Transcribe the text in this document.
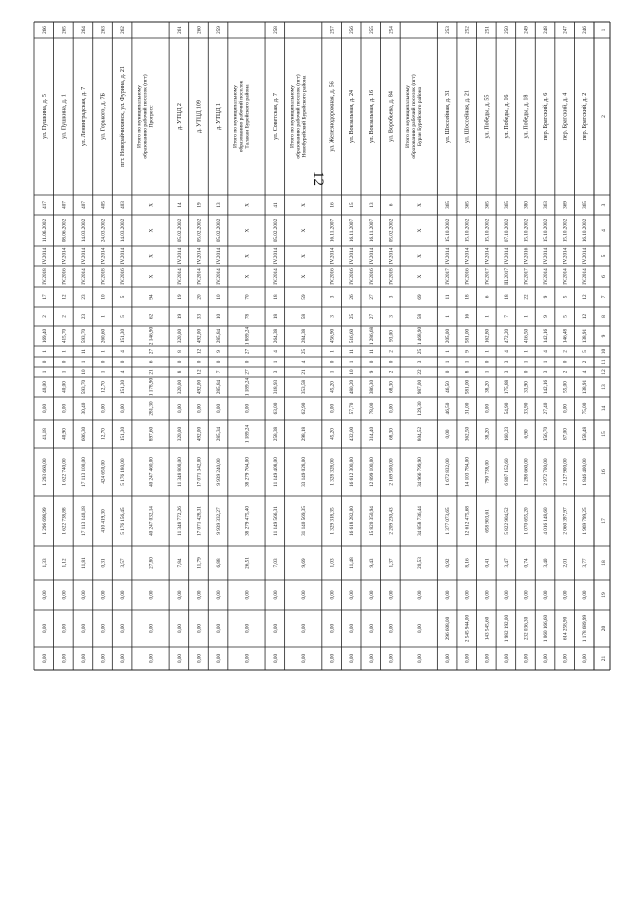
12
1
2
3
4
5
6
7
8
9
10
11
12
13
14
15
16
17
18
19
20
21
246
пер. Братский, д. 2
365
16.10.2002
IV.2014
IV.2014
12
12
138,91
5
2
4
138,91
75,00
158,48
1 846 400,00
1 969 799,25
3,77
0,00
1 178 689,99
0,00
247
пер. Братский, д. 4
369
15.10.2002
IV.2014
IV.2014
5
5
146,48
2
0
2
55,00
0,00
87,00
2 127 900,00
2 060 397,97
2,01
0,00
614 258,90
0,00
248
пер. Братский, д. 6
363
15.10.2002
IV.2014
IV.2014
9
9
142,16
4
1
3
142,16
27,40
156,70
2 972 700,00
4 016 148,60
3,40
0,00
1 060 166,60
0,00
249
ул. Победы, д. 18
380
15.10.2002
IV.2016
IV.2017
22
1
416,50
1
1
0
33,90
33,90
6,90
1 288 660,00
1 070 655,20
0,74
0,00
232 036,30
0,00
250
ул. Победы, д. 16
365
07.10.2002
IV.2014
III.2017
18
7
472,20
4
3
3
175,88
54,90
160,23
6 807 152,60
5 822 904,52
3,47
0,00
1 982 192,00
0,00
251
ул. Победы, д. 55
365
15.10.2002
IV.2014
IV.2017
6
1
162,80
1
0
1
38,20
0,00
38,20
790 738,00
658 903,61
0,41
0,00
143 545,60
0,00
252
ул. Шоссейная, д. 21
365
15.10.2002
IV.2014
IV.2016
18
16
581,00
9
1
8
581,00
31,00
362,50
14 103 784,00
12 612 475,68
8,16
0,00
2 545 944,00
0,00
253
ул. Шоссейная, д. 31
365
15.10.2002
IV.2014
IV.2017
11
1
205,00
1
1
0
46,50
46,50
0,00
1 672 832,00
1 377 073,65
0,92
0,00
296 608,00
0,00
Итого по муниципальному образованию рабочий поселок (пгт) Буран Бурейского района
X
X
X
X
69
58
1 468,90
25
3
22
987,00
129,30
804,52
34 966 799,90
34 858 736,44
20,53
0,00
0,00
0,00
254
ул. Воробьева, д. 84
6
05.02.2002
IV.2014
IV.2018
3
3
93,00
2
0
2
68,30
0,00
68,30
2 169 500,00
2 209 230,43
1,37
0,00
0,00
0,00
255
ул. Вокзальная, д. 16
13
16.11.2007
IV.2014
IV.2016
27
27
1 286,68
11
0
9
386,30
78,00
314,40
12 899 100,00
15 820 350,94
9,43
0,00
0,00
0,00
256
ул. Вокзальная, д. 24
15
16.11.2007
IV.2014
IV.2016
26
25
516,60
11
1
10
480,20
57,70
432,00
16 612 300,00
16 618 282,00
11,48
0,00
0,00
0,00
257
ул. Железнодорожная, д. 56
16
16.11.2007
IV.2014
IV.2016
3
3
456,90
1
0
1
45,20
0,00
45,20
1 328 328,00
1 329 318,35
1,03
0,00
0,00
0,00
Итого по муниципальному образованию рабочий поселок (пгт) Новобурейский Бурейского района
X
X
X
X
59
58
284,38
25
4
21
353,58
62,90
298,18
33 149 028,00
31 140 569,35
9,69
0,00
0,00
0,00
258
ул. Советская, д. 7
41
05.02.2002
IV.2014
IV.2014
18
18
264,38
4
1
3
318,93
63,00
258,38
11 149 408,00
11 149 566,31
7,03
0,00
0,00
0,00
Итого по муниципальному образованию рабочий поселок Талакан Бурейского района
X
X
X
X
70
78
1 889,24
27
0
27
1 189,24
0,00
1 189,24
38 279 764,00
38 279 475,40
26,51
0,00
0,00
0,00
259
д. УТЦД 1
13
05.02.2002
IV.2014
IV.2014
10
10
285,84
9
0
7
285,84
0,00
285,34
9 939 240,00
9 939 332,27
6,88
0,00
0,00
0,00
260
д. УТЦД 109
19
05.02.2002
IV.2014
IV.2014
20
33
492,00
12
0
12
492,00
0,00
492,00
17 071 342,00
17 071 428,31
11,79
0,00
0,00
0,00
261
д. УТЦД 2
14
05.02.2002
IV.2014
IV.2014
19
19
320,00
8
0
8
320,00
0,00
320,00
11 348 800,00
11 348 772,26
7,84
0,00
0,00
0,00
Итого по муниципальному образованию рабочий поселок (пгт) Прогресс
X
X
X
X
94
62
2 146,90
27
6
21
1 178,90
281,30
897,60
40 247 460,00
40 247 032,14
27,80
0,00
0,00
0,00
262
пгт. Новорайчихинск, ул. Фурина, д. 21
403
14.03.2002
IV.2014
IV.2016
5
5
151,30
4
0
4
151,30
0,00
151,30
5 176 180,00
5 176 156,45
3,57
0,00
0,00
0,00
263
ул. Горького, д. 7Б
405
24.03.2002
IV.2014
IV.2018
10
1
260,60
1
0
1
12,70
0,00
12,70
424 650,00
410 419,30
0,31
0,00
0,00
0,00
264
ул. Ленинградская, д. 7
407
14.03.2002
IV.2014
IV.2014
23
23
593,70
11
1
10
593,70
30,40
606,30
17 113 100,00
17 113 140,18
11,81
0,00
0,00
0,00
265
ул. Пушкина, д. 1
407
08.06.2002
IV.2014
IV.2016
12
2
415,70
1
0
1
40,00
0,00
40,90
1 622 740,00
1 622 738,88
1,12
0,00
0,00
0,00
266
ул. Пушкина, д. 5
417
11.06.2002
IV.2014
IV.2018
17
2
169,40
1
0
1
40,00
0,00
41,18
1 293 660,00
1 296 698,99
1,33
0,00
0,00
0,00
